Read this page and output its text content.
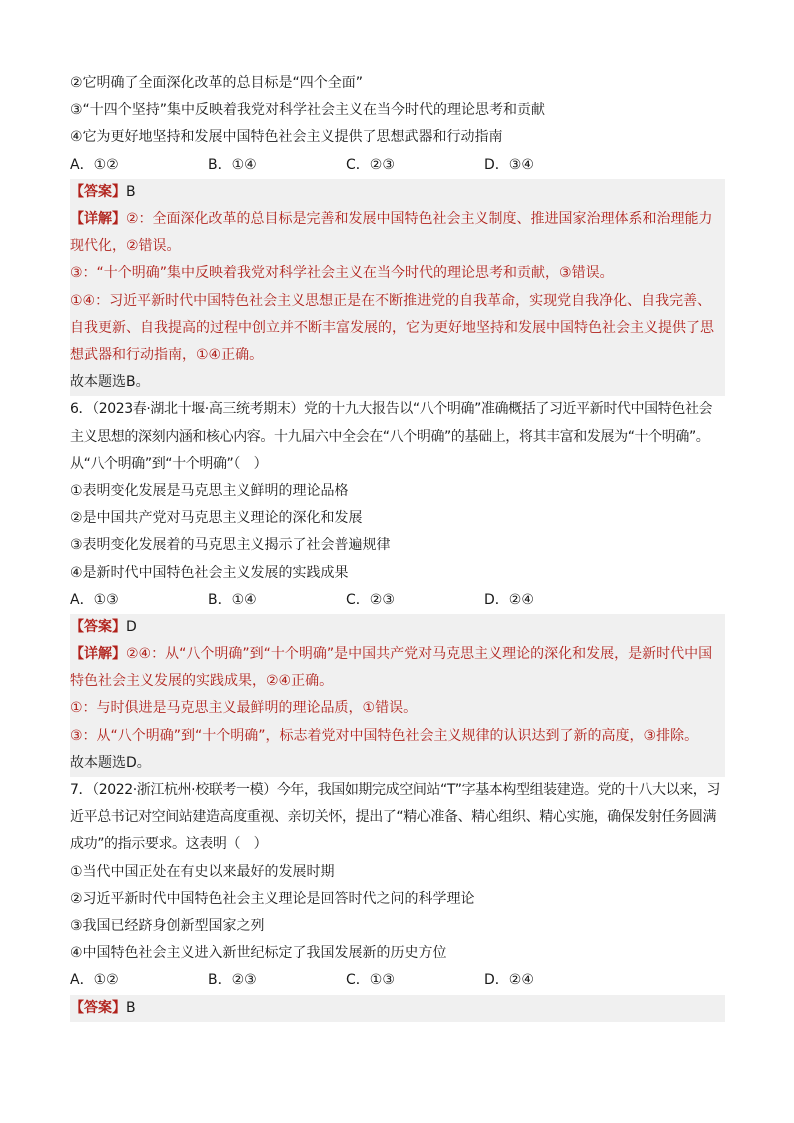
②它明确了全面深化改革的总目标是“四个全面”
③“十四个坚持”集中反映着我党对科学社会主义在当今时代的理论思考和贡献
④它为更好地坚持和发展中国特色社会主义提供了思想武器和行动指南
A．①②	B．①④	C．②③	D．③④
【答案】B
【详解】②：全面深化改革的总目标是完善和发展中国特色社会主义制度、推进国家治理体系和治理能力现代化，②错误。
③：“十个明确”集中反映着我党对科学社会主义在当今时代的理论思考和贡献，③错误。
①④：习近平新时代中国特色社会主义思想正是在不断推进党的自我革命，实现党自我净化、自我完善、自我更新、自我提高的过程中创立并不断丰富发展的，它为更好地坚持和发展中国特色社会主义提供了思想武器和行动指南，①④正确。
故本题选B。
6．（2023春·湖北十堰·高三统考期末）党的十九大报告以“八个明确”准确概括了习近平新时代中国特色社会主义思想的深刻内涵和核心内容。十九届六中全会在“八个明确”的基础上，将其丰富和发展为“十个明确”。从“八个明确”到“十个明确”（　）
①表明变化发展是马克思主义鲜明的理论品格
②是中国共产党对马克思主义理论的深化和发展
③表明变化发展着的马克思主义揭示了社会普遍规律
④是新时代中国特色社会主义发展的实践成果
A．①③	B．①④	C．②③	D．②④
【答案】D
【详解】②④：从“八个明确”到“十个明确”是中国共产党对马克思主义理论的深化和发展，是新时代中国特色社会主义发展的实践成果，②④正确。
①：与时俱进是马克思主义最鲜明的理论品质，①错误。
③：从“八个明确”到“十个明确”，标志着党对中国特色社会主义规律的认识达到了新的高度，③排除。
故本题选D。
7．（2022·浙江杭州·校联考一模）今年，我国如期完成空间站“T”字基本构型组装建造。党的十八大以来，习近平总书记对空间站建造高度重视、亲切关怀，提出了“精心准备、精心组织、精心实施，确保发射任务圆满成功”的指示要求。这表明（　）
①当代中国正处在有史以来最好的发展时期
②习近平新时代中国特色社会主义理论是回答时代之问的科学理论
③我国已经跻身创新型国家之列
④中国特色社会主义进入新世纪标定了我国发展新的历史方位
A．①②	B．②③	C．①③	D．②④
【答案】B
